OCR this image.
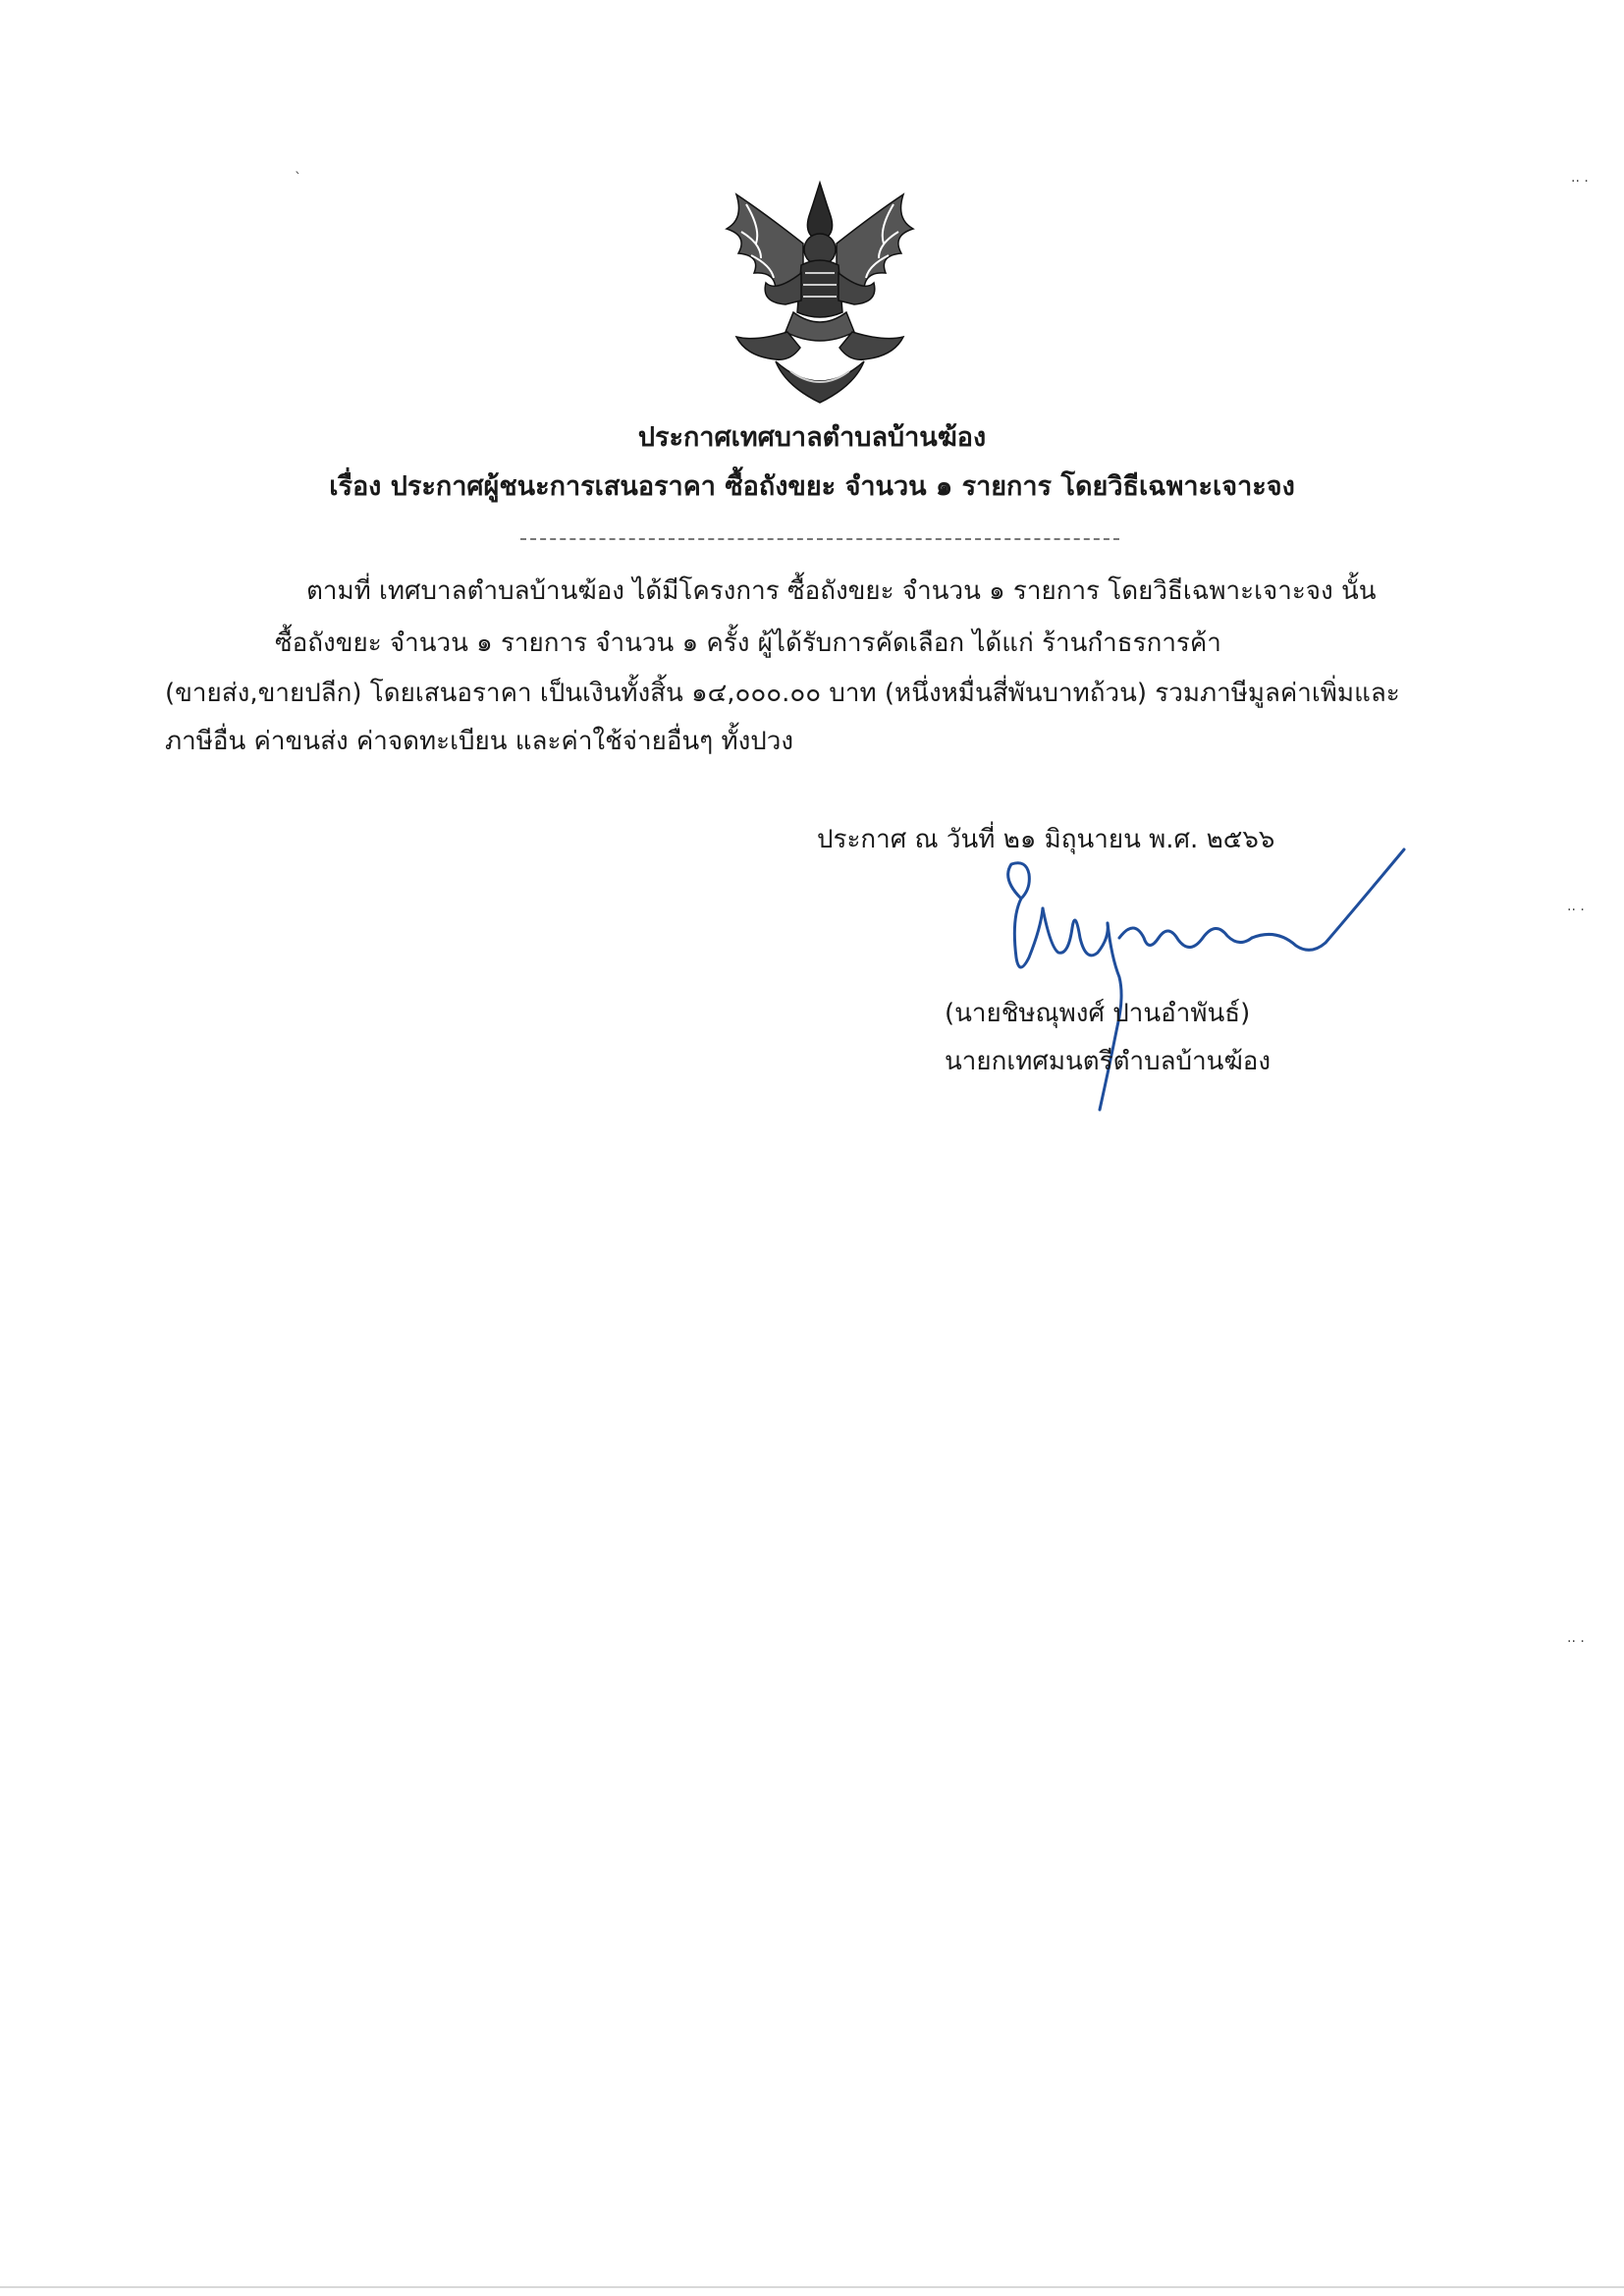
ประกาศเทศบาลตำบลบ้านฆ้อง
เรื่อง ประกาศผู้ชนะการเสนอราคา ซื้อถังขยะ จำนวน ๑ รายการ โดยวิธีเฉพาะเจาะจง
ตามที่ เทศบาลตำบลบ้านฆ้อง ได้มีโครงการ ซื้อถังขยะ จำนวน ๑ รายการ โดยวิธีเฉพาะเจาะจง นั้น
ซื้อถังขยะ จำนวน ๑ รายการ จำนวน ๑ ครั้ง ผู้ได้รับการคัดเลือก ได้แก่ ร้านกำธรการค้า
(ขายส่ง,ขายปลีก) โดยเสนอราคา เป็นเงินทั้งสิ้น ๑๔,๐๐๐.๐๐ บาท (หนึ่งหมื่นสี่พันบาทถ้วน) รวมภาษีมูลค่าเพิ่มและ
ภาษีอื่น ค่าขนส่ง ค่าจดทะเบียน และค่าใช้จ่ายอื่นๆ ทั้งปวง
ประกาศ ณ วันที่ ๒๑ มิถุนายน พ.ศ. ๒๕๖๖
(นายชิษณุพงศ์ ปานอำพันธ์)
นายกเทศมนตรีตำบลบ้านฆ้อง
ˋ	·· ·
·· ·
·· ·
